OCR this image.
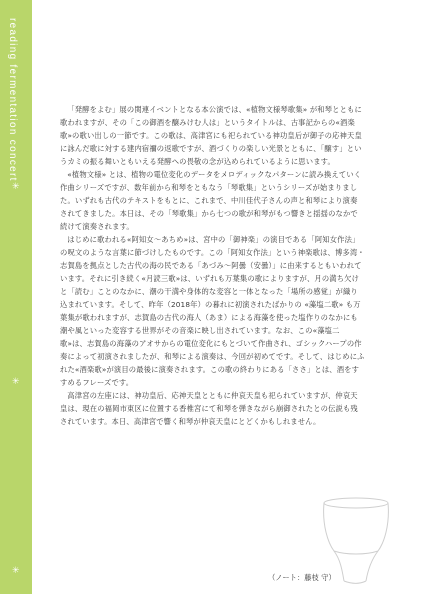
reading fermentation concert
✳
✳
✳

「発酵をよむ」展の関連イベントとなる本公演では、«植物文様琴歌集» が和琴とともに歌われますが、その「この御酒を醸みけむ人は」というタイトルは、古事記からの«酒楽歌»の歌い出しの一節です。この歌は、高津宮にも祀られている神功皇后が御子の応神天皇に詠んだ歌に対する建内宿禰の返歌ですが、酒づくりの楽しい光景とともに、「醸す」というカミの振る舞いともいえる発酵への畏敬の念が込められているように思います。

«植物文様» とは、植物の電位変化のデータをメロディックなパターンに読み換えていく作曲シリーズですが、数年前から和琴をともなう「琴歌集」というシリーズが始まりました。いずれも古代のテキストをもとに、これまで、中川佳代子さんの声と和琴により演奏されてきました。本日は、その「琴歌集」から七つの歌が和琴がもつ響きと揺揺のなかで続けて演奏されます。

はじめに歌われる«阿知女〜あちめ»は、宮中の「御神楽」の演目である「阿知女作法」の呪文のような言葉に節づけしたものです。この「阿知女作法」という神楽歌は、博多湾・志賀島を拠点とした古代の海の民である「あづみ〜阿曇（安曇）」に由来するともいわれています。それに引き続く«月読三歌»は、いずれも万葉集の歌によりますが、月の満ち欠けと「読む」ことのなかに、潮の干満や身体的な変容と一体となった「場所の感覚」が織り込まれています。そして、昨年（2018年）の暮れに初演されたばかりの «藻塩二歌» も万葉集が歌われますが、志賀島の古代の海人（あま）による海藻を使った塩作りのなかにも潮や風といった変容する世界がその音楽に映し出されています。なお、この«藻塩二歌»は、志賀島の海藻のアオサからの電位変化にもとづいて作曲され、ゴシックハープの作奏によって初演されましたが、和琴による演奏は、今回が初めてです。そして、はじめにふれた«酒楽歌»が演目の最後に演奏されます。この歌の終わりにある「ささ」とは、酒をすすめるフレーズです。

高津宮の左座には、神功皇后、応神天皇とともに仲哀天皇も祀られていますが、仲哀天皇は、現在の福岡市東区に位置する香椎宮にて和琴を弾きながら崩御されたとの伝説も残されています。本日、高津宮で響く和琴が仲哀天皇にとどくかもしれません。

（ノート：藤枝 守）
